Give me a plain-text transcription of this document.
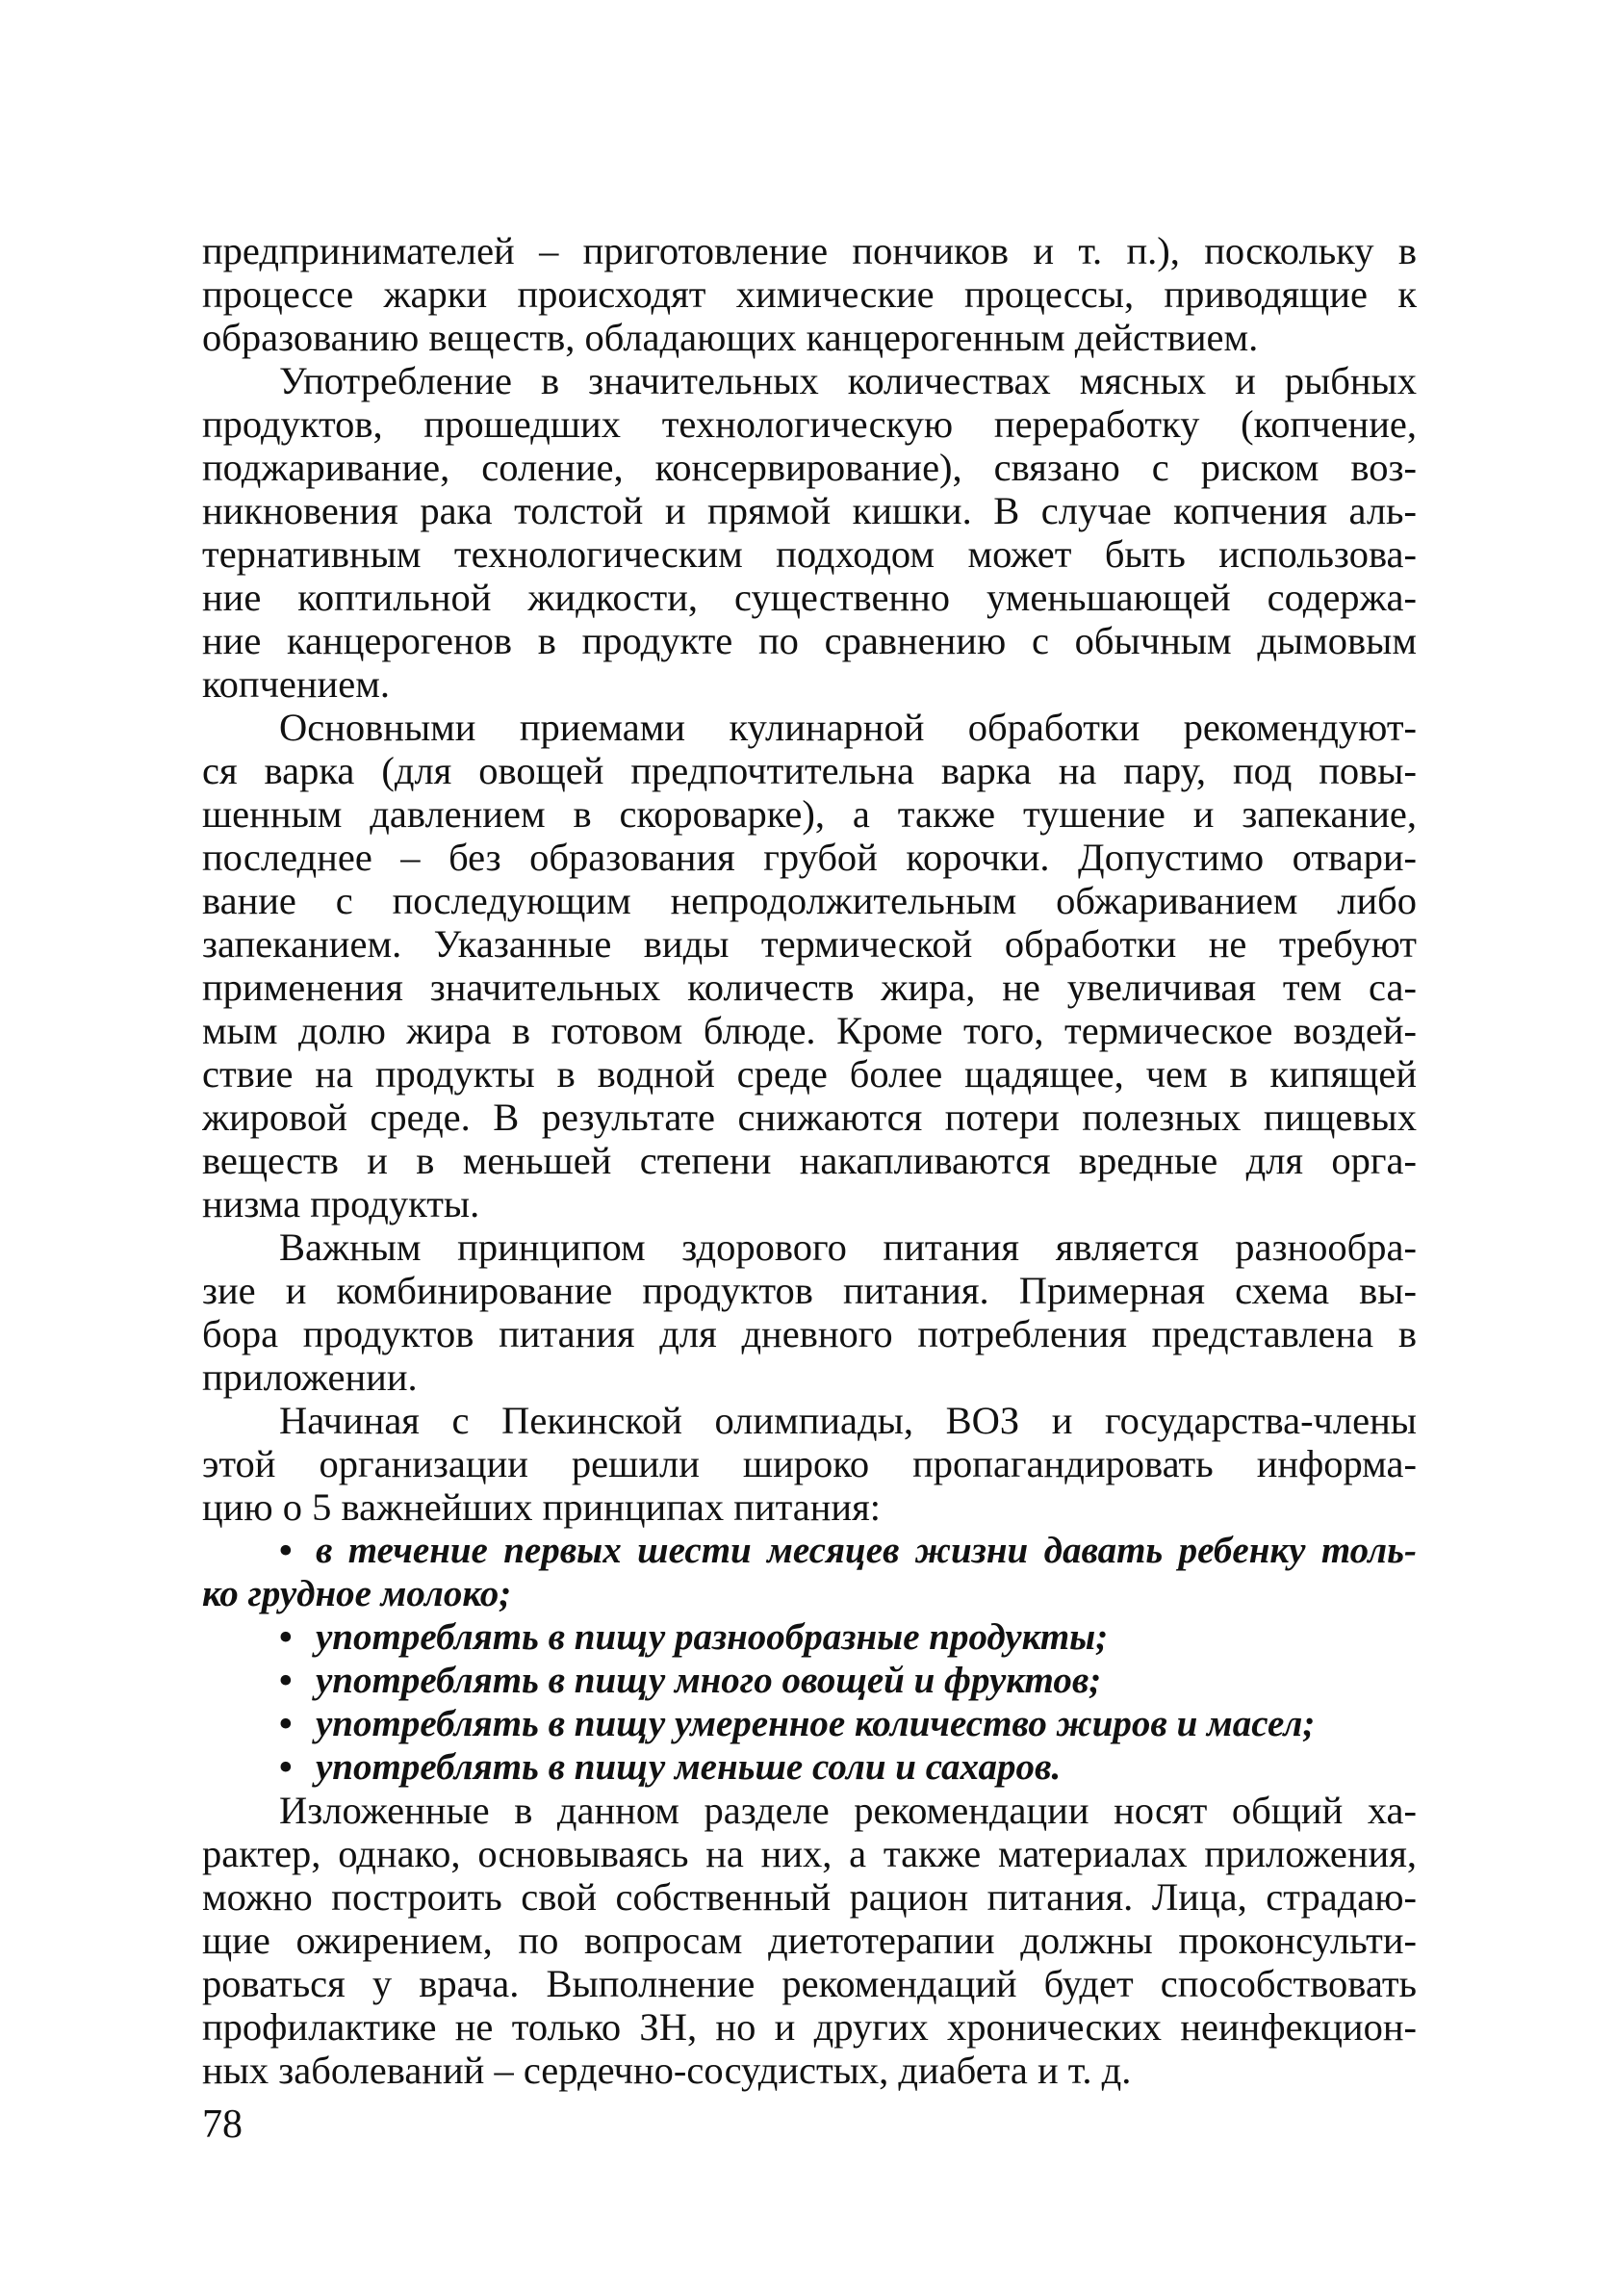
предпринимателей – приготовление пончиков и т. п.), поскольку в
процессе жарки происходят химические процессы, приводящие к
образованию веществ, обладающих канцерогенным действием.
Употребление в значительных количествах мясных и рыбных
продуктов, прошедших технологическую переработку (копчение,
поджаривание, соление, консервирование), связано с риском воз-
никновения рака толстой и прямой кишки. В случае копчения аль-
тернативным технологическим подходом может быть использова-
ние коптильной жидкости, существенно уменьшающей содержа-
ние канцерогенов в продукте по сравнению с обычным дымовым
копчением.
Основными приемами кулинарной обработки рекомендуют-
ся варка (для овощей предпочтительна варка на пару, под повы-
шенным давлением в скороварке), а также тушение и запекание,
последнее – без образования грубой корочки. Допустимо отвари-
вание с последующим непродолжительным обжариванием либо
запеканием. Указанные виды термической обработки не требуют
применения значительных количеств жира, не увеличивая тем са-
мым долю жира в готовом блюде. Кроме того, термическое воздей-
ствие на продукты в водной среде более щадящее, чем в кипящей
жировой среде. В результате снижаются потери полезных пищевых
веществ и в меньшей степени накапливаются вредные для орга-
низма продукты.
Важным принципом здорового питания является разнообра-
зие и комбинирование продуктов питания. Примерная схема вы-
бора продуктов питания для дневного потребления представлена в
приложении.
Начиная с Пекинской олимпиады, ВОЗ и государства-члены
этой организации решили широко пропагандировать информа-
цию о 5 важнейших принципах питания:
• в течение первых шести месяцев жизни давать ребенку толь-
ко грудное молоко;
• употреблять в пищу разнообразные продукты;
• употреблять в пищу много овощей и фруктов;
• употреблять в пищу умеренное количество жиров и масел;
• употреблять в пищу меньше соли и сахаров.
Изложенные в данном разделе рекомендации носят общий ха-
рактер, однако, основываясь на них, а также материалах приложения,
можно построить свой собственный рацион питания. Лица, страдаю-
щие ожирением, по вопросам диетотерапии должны проконсульти-
роваться у врача. Выполнение рекомендаций будет способствовать
профилактике не только ЗН, но и других хронических неинфекцион-
ных заболеваний – сердечно-сосудистых, диабета и т. д.
78
